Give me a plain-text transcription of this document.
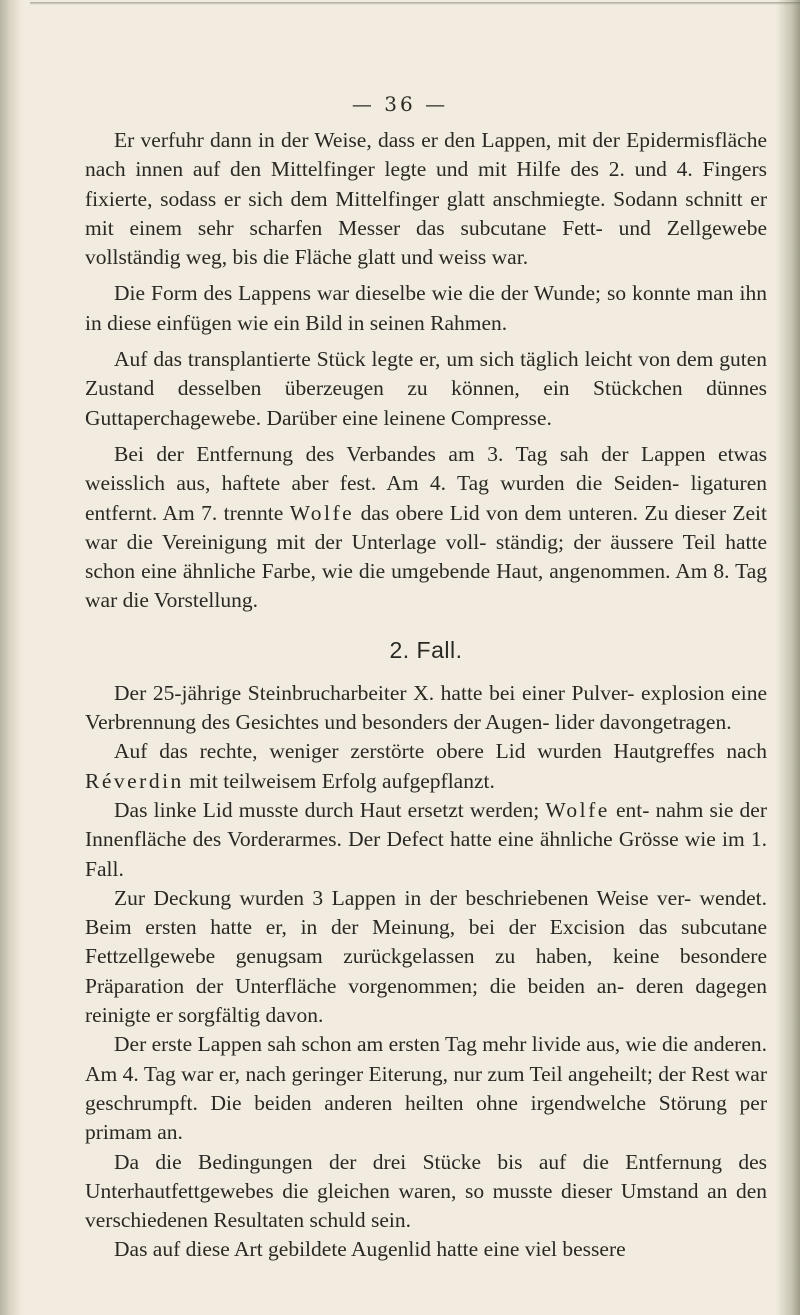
— 36 —

Er verfuhr dann in der Weise, dass er den Lappen, mit der Epidermisfläche nach innen auf den Mittelfinger legte und mit Hilfe des 2. und 4. Fingers fixierte, sodass er sich dem Mittelfinger glatt anschmiegte. Sodann schnitt er mit einem sehr scharfen Messer das subcutane Fett- und Zellgewebe vollständig weg, bis die Fläche glatt und weiss war.

Die Form des Lappens war dieselbe wie die der Wunde; so konnte man ihn in diese einfügen wie ein Bild in seinen Rahmen.

Auf das transplantierte Stück legte er, um sich täglich leicht von dem guten Zustand desselben überzeugen zu können, ein Stückchen dünnes Guttaperchagewebe. Darüber eine leinene Compresse.

Bei der Entfernung des Verbandes am 3. Tag sah der Lappen etwas weisslich aus, haftete aber fest. Am 4. Tag wurden die Seiden- ligaturen entfernt. Am 7. trennte Wolfe das obere Lid von dem unteren. Zu dieser Zeit war die Vereinigung mit der Unterlage voll- ständig; der äussere Teil hatte schon eine ähnliche Farbe, wie die umgebende Haut, angenommen. Am 8. Tag war die Vorstellung.

2. Fall.

Der 25-jährige Steinbrucharbeiter X. hatte bei einer Pulver- explosion eine Verbrennung des Gesichtes und besonders der Augen- lider davongetragen.

Auf das rechte, weniger zerstörte obere Lid wurden Hautgreffes nach Réverdin mit teilweisem Erfolg aufgepflanzt.

Das linke Lid musste durch Haut ersetzt werden; Wolfe ent- nahm sie der Innenfläche des Vorderarmes. Der Defect hatte eine ähnliche Grösse wie im 1. Fall.

Zur Deckung wurden 3 Lappen in der beschriebenen Weise ver- wendet. Beim ersten hatte er, in der Meinung, bei der Excision das subcutane Fettzellgewebe genugsam zurückgelassen zu haben, keine besondere Präparation der Unterfläche vorgenommen; die beiden an- deren dagegen reinigte er sorgfältig davon.

Der erste Lappen sah schon am ersten Tag mehr livide aus, wie die anderen. Am 4. Tag war er, nach geringer Eiterung, nur zum Teil angeheilt; der Rest war geschrumpft. Die beiden anderen heilten ohne irgendwelche Störung per primam an.

Da die Bedingungen der drei Stücke bis auf die Entfernung des Unterhautfettgewebes die gleichen waren, so musste dieser Umstand an den verschiedenen Resultaten schuld sein.

Das auf diese Art gebildete Augenlid hatte eine viel bessere
